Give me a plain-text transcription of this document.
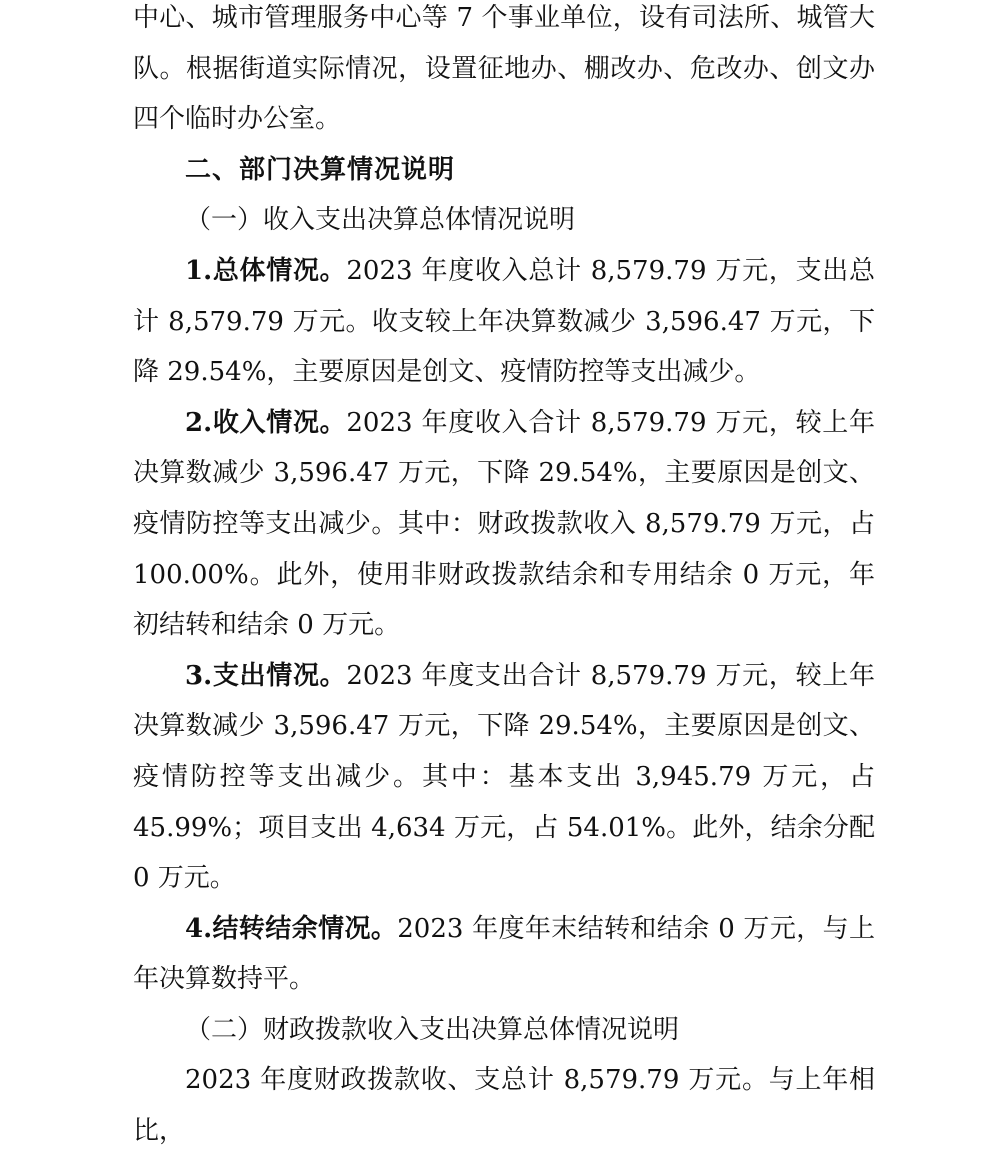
中心、城市管理服务中心等 7 个事业单位，设有司法所、城管大队。根据街道实际情况，设置征地办、棚改办、危改办、创文办四个临时办公室。

二、部门决算情况说明

（一）收入支出决算总体情况说明

1.总体情况。2023 年度收入总计 8,579.79 万元，支出总计 8,579.79 万元。收支较上年决算数减少 3,596.47 万元，下降 29.54%，主要原因是创文、疫情防控等支出减少。

2.收入情况。2023 年度收入合计 8,579.79 万元，较上年决算数减少 3,596.47 万元，下降 29.54%，主要原因是创文、疫情防控等支出减少。其中：财政拨款收入 8,579.79 万元，占 100.00%。此外，使用非财政拨款结余和专用结余 0 万元，年初结转和结余 0 万元。

3.支出情况。2023 年度支出合计 8,579.79 万元，较上年决算数减少 3,596.47 万元，下降 29.54%，主要原因是创文、疫情防控等支出减少。其中：基本支出 3,945.79 万元，占 45.99%；项目支出 4,634 万元，占 54.01%。此外，结余分配 0 万元。

4.结转结余情况。2023 年度年末结转和结余 0 万元，与上年决算数持平。

（二）财政拨款收入支出决算总体情况说明

2023 年度财政拨款收、支总计 8,579.79 万元。与上年相比，
